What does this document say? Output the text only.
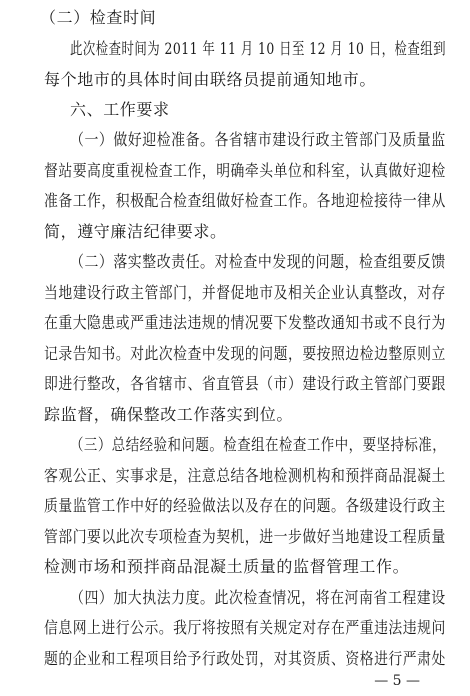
（二）检查时间
此次检查时间为 2011 年 11 月 10 日至 12 月 10 日，检查组到
每个地市的具体时间由联络员提前通知地市。
六、工作要求
（一）做好迎检准备。各省辖市建设行政主管部门及质量监
督站要高度重视检查工作，明确牵头单位和科室，认真做好迎检
准备工作，积极配合检查组做好检查工作。各地迎检接待一律从
简，遵守廉洁纪律要求。
（二）落实整改责任。对检查中发现的问题，检查组要反馈
当地建设行政主管部门，并督促地市及相关企业认真整改，对存
在重大隐患或严重违法违规的情况要下发整改通知书或不良行为
记录告知书。对此次检查中发现的问题，要按照边检边整原则立
即进行整改，各省辖市、省直管县（市）建设行政主管部门要跟
踪监督，确保整改工作落实到位。
（三）总结经验和问题。检查组在检查工作中，要坚持标准，
客观公正、实事求是，注意总结各地检测机构和预拌商品混凝土
质量监管工作中好的经验做法以及存在的问题。各级建设行政主
管部门要以此次专项检查为契机，进一步做好当地建设工程质量
检测市场和预拌商品混凝土质量的监督管理工作。
（四）加大执法力度。此次检查情况，将在河南省工程建设
信息网上进行公示。我厅将按照有关规定对存在严重违法违规问
题的企业和工程项目给予行政处罚，对其资质、资格进行严肃处
— 5 —
